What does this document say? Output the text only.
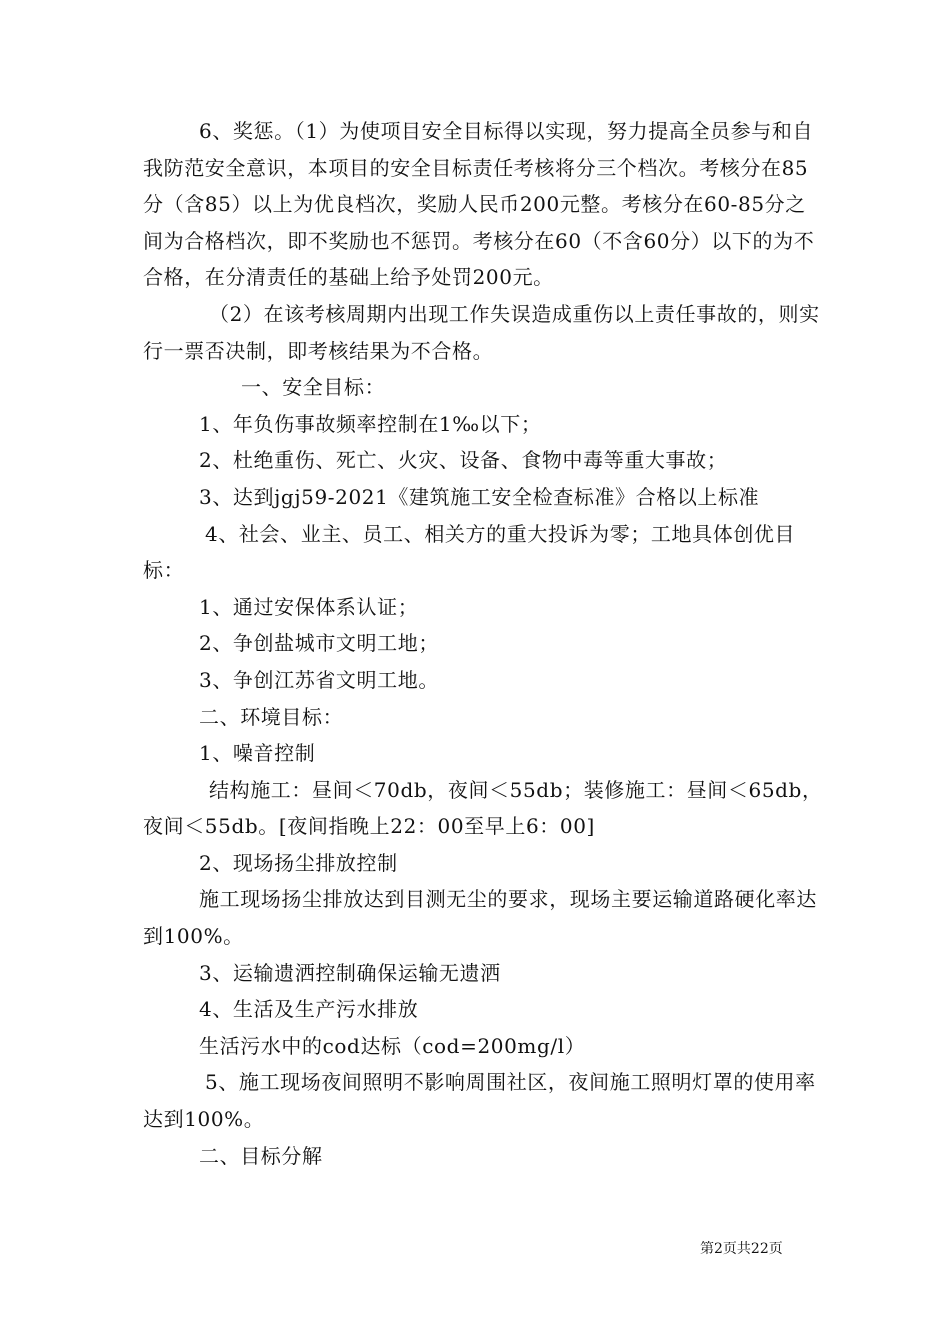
6、奖惩。（1）为使项目安全目标得以实现，努力提高全员参与和自我防范安全意识，本项目的安全目标责任考核将分三个档次。考核分在85分（含85）以上为优良档次，奖励人民币200元整。考核分在60-85分之间为合格档次，即不奖励也不惩罚。考核分在60（不含60分）以下的为不合格，在分清责任的基础上给予处罚200元。

（2）在该考核周期内出现工作失误造成重伤以上责任事故的，则实行一票否决制，即考核结果为不合格。

一、安全目标：

1、年负伤事故频率控制在1‰以下；

2、杜绝重伤、死亡、火灾、设备、食物中毒等重大事故；

3、达到jgj59-2021《建筑施工安全检查标准》合格以上标准

4、社会、业主、员工、相关方的重大投诉为零；工地具体创优目标：

1、通过安保体系认证；

2、争创盐城市文明工地；

3、争创江苏省文明工地。

二、环境目标：

1、噪音控制

结构施工：昼间＜70db，夜间＜55db；装修施工：昼间＜65db，夜间＜55db。[夜间指晚上22：00至早上6：00]

2、现场扬尘排放控制

施工现场扬尘排放达到目测无尘的要求，现场主要运输道路硬化率达到100%。

3、运输遗洒控制确保运输无遗洒

4、生活及生产污水排放

生活污水中的cod达标（cod=200mg/l）

5、施工现场夜间照明不影响周围社区，夜间施工照明灯罩的使用率达到100%。

二、目标分解

第2页共22页
